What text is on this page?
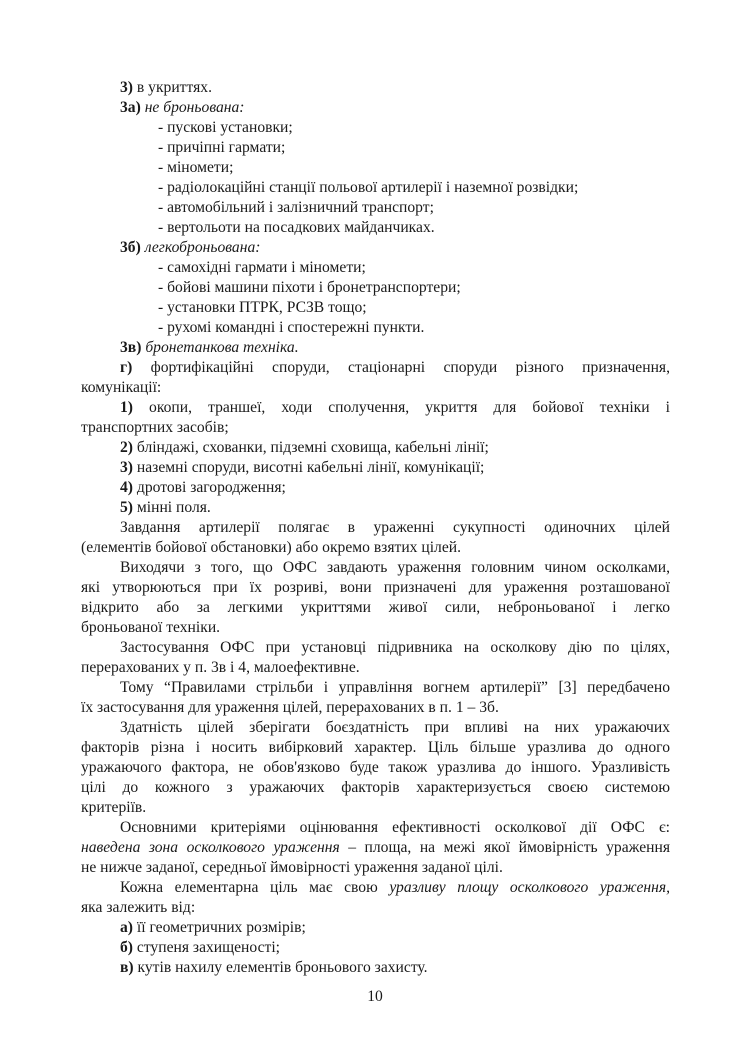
3) в укриттях.
3а) не броньована:
- пускові установки;
- причіпні гармати;
- міномети;
- радіолокаційні станції польової артилерії і наземної розвідки;
- автомобільний і залізничний транспорт;
- вертольоти на посадкових майданчиках.
3б) легкоброньована:
- самохідні гармати і міномети;
- бойові машини піхоти і бронетранспортери;
- установки ПТРК, РСЗВ тощо;
- рухомі командні і спостережні пункти.
3в) бронетанкова техніка.
г) фортифікаційні споруди, стаціонарні споруди різного призначення,
комунікації:
1) окопи, траншеї, ходи сполучення, укриття для бойової техніки і
транспортних засобів;
2) бліндажі, схованки, підземні сховища, кабельні лінії;
3) наземні споруди, висотні кабельні лінії, комунікації;
4) дротові загородження;
5) мінні поля.
Завдання артилерії полягає в ураженні сукупності одиночних цілей
(елементів бойової обстановки) або окремо взятих цілей.
Виходячи з того, що ОФС завдають ураження головним чином осколками,
які утворюються при їх розриві, вони призначені для ураження розташованої
відкрито або за легкими укриттями живої сили, неброньованої і легко
броньованої техніки.
Застосування ОФС при установці підривника на осколкову дію по цілях,
перерахованих у п. 3в і 4, малоефективне.
Тому “Правилами стрільби і управління вогнем артилерії” [3] передбачено
їх застосування для ураження цілей, перерахованих в п. 1 – 3б.
Здатність цілей зберігати боєздатність при впливі на них уражаючих
факторів різна і носить вибірковий характер. Ціль більше уразлива до одного
уражаючого фактора, не обов'язково буде також уразлива до іншого. Уразливість
цілі до кожного з уражаючих факторів характеризується своєю системою
критеріїв.
Основними критеріями оцінювання ефективності осколкової дії ОФС є:
наведена зона осколкового ураження – площа, на межі якої ймовірність ураження
не нижче заданої, середньої ймовірності ураження заданої цілі.
Кожна елементарна ціль має свою уразливу площу осколкового ураження,
яка залежить від:
а) її геометричних розмірів;
б) ступеня захищеності;
в) кутів нахилу елементів броньового захисту.
10
